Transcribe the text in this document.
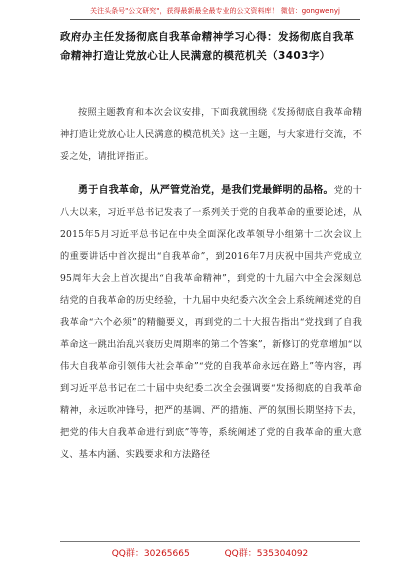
关注头条号"公文研究"，获得最新最全最专业的公文资料库！ 微信：gongwenyj
政府办主任发扬彻底自我革命精神学习心得：发扬彻底自我革命精神打造让党放心让人民满意的模范机关（3403字）

按照主题教育和本次会议安排，下面我就围绕《发扬彻底自我革命精神打造让党放心让人民满意的模范机关》这一主题，与大家进行交流，不妥之处，请批评指正。

勇于自我革命，从严管党治党，是我们党最鲜明的品格。党的十八大以来，习近平总书记发表了一系列关于党的自我革命的重要论述，从2015年5月习近平总书记在中央全面深化改革领导小组第十二次会议上的重要讲话中首次提出“自我革命”，到2016年7月庆祝中国共产党成立95周年大会上首次提出“自我革命精神”，到党的十九届六中全会深刻总结党的自我革命的历史经验，十九届中央纪委六次全会上系统阐述党的自我革命“六个必须”的精髓要义，再到党的二十大报告指出“党找到了自我革命这一跳出治乱兴衰历史周期率的第二个答案”，新修订的党章增加“以伟大自我革命引领伟大社会革命”“党的自我革命永远在路上”等内容，再到习近平总书记在二十届中央纪委二次全会强调要“发扬彻底的自我革命精神，永远吹冲锋号，把严的基调、严的措施、严的氛围长期坚持下去，把党的伟大自我革命进行到底”等等，系统阐述了党的自我革命的重大意义、基本内涵、实践要求和方法路径

QQ群：30265665	QQ群：535304092
